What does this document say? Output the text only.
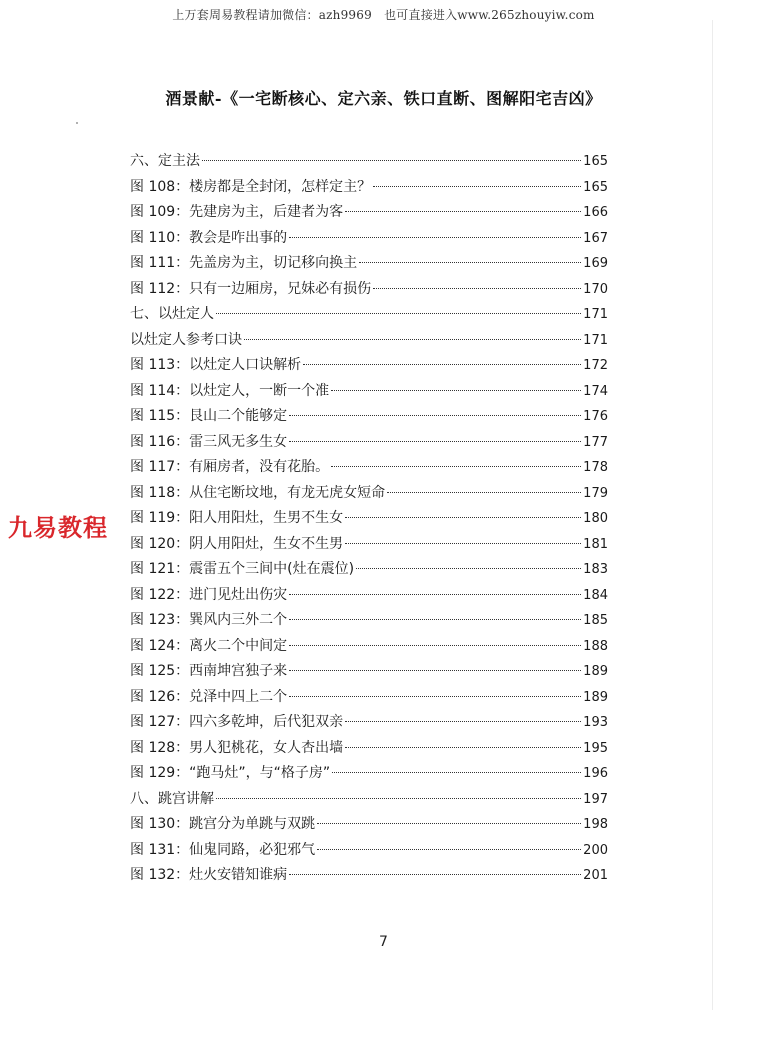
上万套周易教程请加微信：azh9969　也可直接进入www.265zhouyiw.com
酒景献-《一宅断核心、定六亲、铁口直断、图解阳宅吉凶》
六、定主法	165
图 108：楼房都是全封闭，怎样定主？	165
图 109：先建房为主，后建者为客	166
图 110：教会是咋出事的	167
图 111：先盖房为主，切记移向换主	169
图 112：只有一边厢房，兄妹必有损伤	170
七、以灶定人	171
以灶定人参考口诀	171
图 113：以灶定人口诀解析	172
图 114：以灶定人，一断一个准	174
图 115：艮山二个能够定	176
图 116：雷三风无多生女	177
图 117：有厢房者，没有花胎。	178
图 118：从住宅断坟地，有龙无虎女短命	179
图 119：阳人用阳灶，生男不生女	180
图 120：阴人用阳灶，生女不生男	181
图 121：震雷五个三间中(灶在震位)	183
图 122：进门见灶出伤灾	184
图 123：巽风内三外二个	185
图 124：离火二个中间定	188
图 125：西南坤宫独子来	189
图 126：兑泽中四上二个	189
图 127：四六多乾坤，后代犯双亲	193
图 128：男人犯桃花，女人杏出墙	195
图 129：“跑马灶”，与“格子房”	196
八、跳宫讲解	197
图 130：跳宫分为单跳与双跳	198
图 131：仙鬼同路，必犯邪气	200
图 132：灶火安错知谁病	201
九易教程
7
